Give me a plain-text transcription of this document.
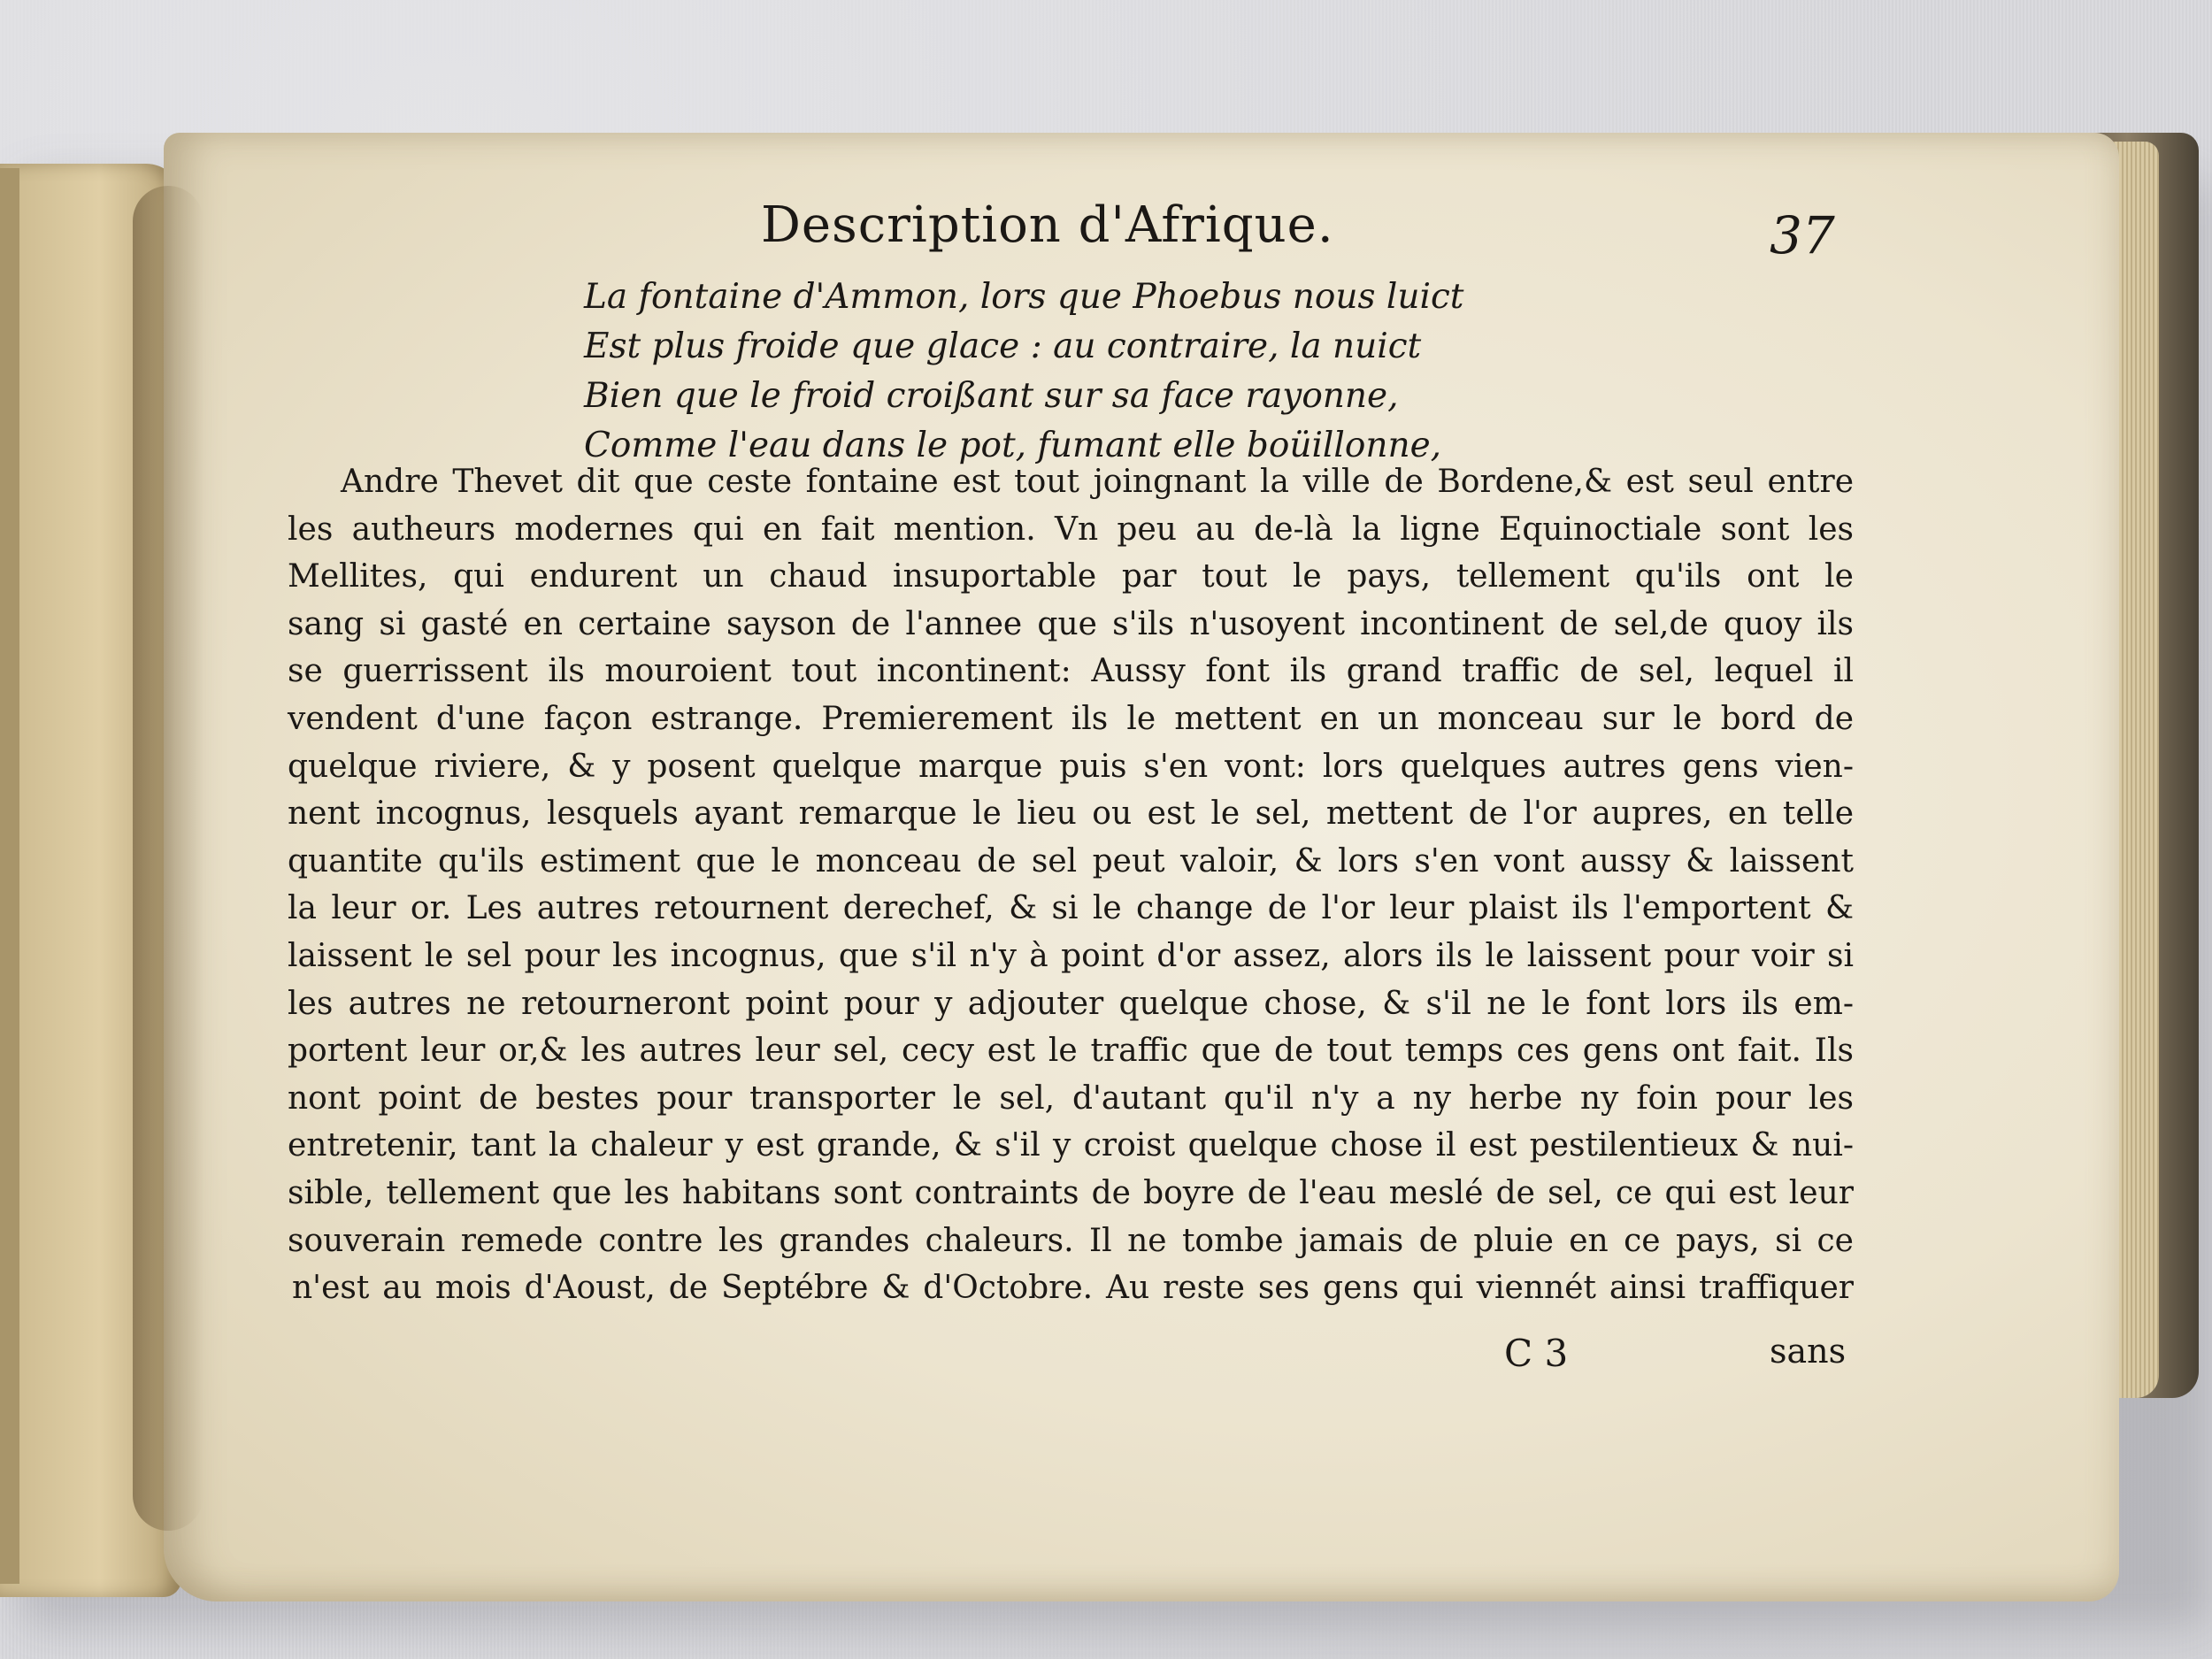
Description d'Afrique.	37
La fontaine d'Ammon, lors que Phoebus nous luict
Est plus froide que glace : au contraire, la nuict
Bien que le froid croißant sur sa face rayonne,
Comme l'eau dans le pot, fumant elle boüillonne,
Andre Thevet dit que ceste fontaine est tout joingnant la ville de Bordene,& est seul entre
les autheurs modernes qui en fait mention. Vn peu au de-là la ligne Equinoctiale sont les
Mellites, qui endurent un chaud insuportable par tout le pays, tellement qu'ils ont le
sang si gasté en certaine sayson de l'annee que s'ils n'usoyent incontinent de sel,de quoy ils
se guerrissent ils mouroient tout incontinent: Aussy font ils grand traffic de sel, lequel il
vendent d'une façon estrange. Premierement ils le mettent en un monceau sur le bord de
quelque riviere, & y posent quelque marque puis s'en vont: lors quelques autres gens vien-
nent incognus, lesquels ayant remarque le lieu ou est le sel, mettent de l'or aupres, en telle
quantite qu'ils estiment que le monceau de sel peut valoir, & lors s'en vont aussy & laissent
la leur or. Les autres retournent derechef, & si le change de l'or leur plaist ils l'emportent &
laissent le sel pour les incognus, que s'il n'y à point d'or assez, alors ils le laissent pour voir si
les autres ne retourneront point pour y adjouter quelque chose, & s'il ne le font lors ils em-
portent leur or,& les autres leur sel, cecy est le traffic que de tout temps ces gens ont fait. Ils
nont point de bestes pour transporter le sel, d'autant qu'il n'y a ny herbe ny foin pour les
entretenir, tant la chaleur y est grande, & s'il y croist quelque chose il est pestilentieux & nui-
sible, tellement que les habitans sont contraints de boyre de l'eau meslé de sel, ce qui est leur
souverain remede contre les grandes chaleurs. Il ne tombe jamais de pluie en ce pays, si ce
n'est au mois d'Aoust, de Septébre & d'Octobre. Au reste ses gens qui viennét ainsi traffiquer
C 3	sans
